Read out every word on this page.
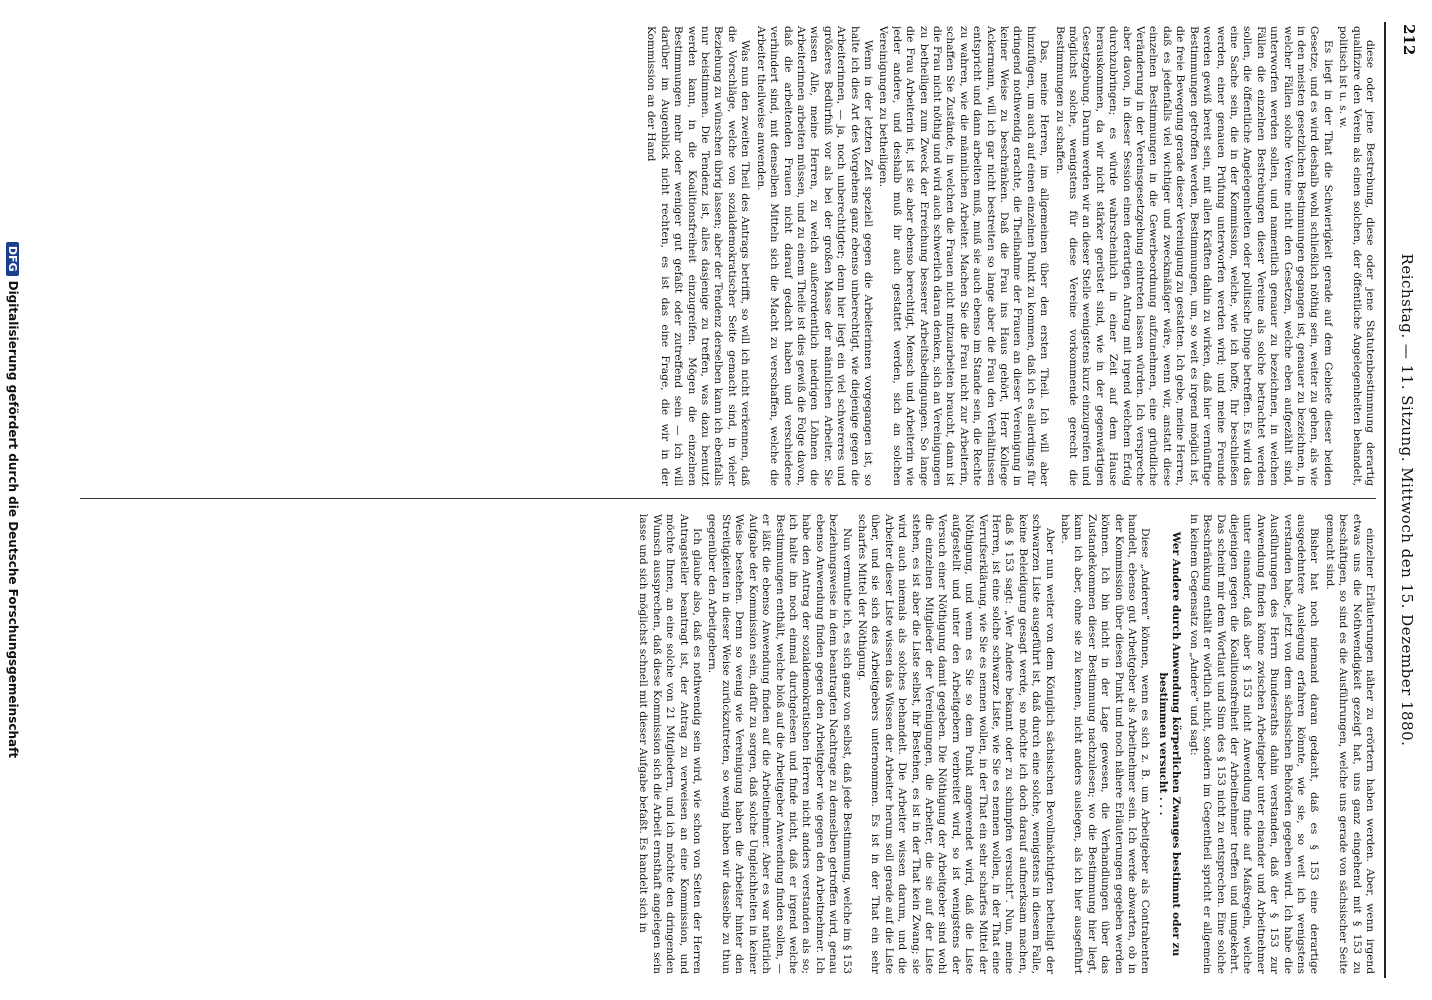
212
Reichstag. — 11. Sitzung. Mittwoch den 15. Dezember 1880.

diese oder jene Bestrebung, diese oder jene Statutenbestimmung derartig qualifizire den Verein als einen solchen, der öffentliche Angelegenheiten behandelt, politisch ist u. s. w.

Es liegt in der That die Schwierigkeit gerade auf dem Gebiete dieser beiden Gesetze, und es wird deshalb wohl schließlich nöthig sein, weiter zu gehen, als wie in den meisten gesetzlichen Bestimmungen gegangen ist, genauer zu bezeichnen, in welcher Fällen solche Vereine nicht den Gesetzen, welche eben aufgezählt sind, unterworfen werden sollen, und namentlich genauer zu bezeichnen, in welchen Fällen die einzelnen Bestrebungen dieser Vereine als solche betrachtet werden sollen, die öffentliche Angelegenheiten oder politische Dinge betreffen. Es wird das eine Sache sein, die in der Kommission, welche, wie ich hoffe, Ihr beschließen werden, einer genauen Prüfung unterworfen werden wird; und meine Freunde werden gewiß bereit sein, mit allen Kräften dahin zu wirken, daß hier vernünftige Bestimmungen getroffen werden, Bestimmungen, um, so weit es irgend möglich ist, die freie Bewegung gerade dieser Vereinigung zu gestatten. Ich gebe, meine Herren, daß es jedenfalls viel wichtiger und zweckmäßiger wäre, wenn wir, anstatt diese einzelnen Bestimmungen in die Gewerbeordnung aufzunehmen, eine gründliche Veränderung in der Vereinsgesetzgebung eintreten lassen würden. Ich verspreche aber davon, in dieser Session einen derartigen Antrag mit irgend welchem Erfolg durchzubringen; es würde wahrscheinlich in einer Zeit auf dem Hause herauskommen, da wir nicht stärker gerüstet sind, wie in der gegenwärtigen Gesetzgebung. Darum werden wir an dieser Stelle wenigstens kurz einzugreifen und möglichst solche, wenigstens für diese Vereine vorkommende gerecht die Bestimmungen zu schaffen.

Das, meine Herren, im allgemeinen über den ersten Theil. Ich will aber hinzufügen, um auch auf einen einzelnen Punkt zu kommen, daß ich es allerdings für dringend nothwendig erachte, die Theilnahme der Frauen an dieser Vereinigung in keiner Weise zu beschränken. Daß die Frau ins Haus gehört, Herr Kollege Ackermann, will ich gar nicht bestreiten so lange aber die Frau den Verhältnissen entspricht und dann arbeiten muß, muß sie auch ebenso im Stande sein, die Rechte zu wahren, wie die männlichen Arbeiter. Machen Sie die Frau nicht zur Arbeiterin, schaffen Sie Zustände, in welchen die Frauen nicht mitzuarbeiten braucht, dann ist die Frau nicht nöthig und wird auch schwerlich daran denken, sich an Vereinigungen zu betheiligen zum Zweck der Erreichung besserer Arbeitsbedingungen. So lange die Frau Arbeiterin ist, ist sie aber ebenso berechtigt, Mensch und Arbeiterin wie jeder andere, und deshalb muß ihr auch gestattet werden, sich an solchen Vereinigungen zu betheiligen.

Wenn in der letzten Zeit speziell gegen die Arbeiterinnen vorgegangen ist, so halte ich dies Art des Vorgehens ganz ebenso unberechtigt, wie diejenige gegen die Arbeiterinnen, — ja, noch unberechtigter; denn hier liegt ein viel schwereres und größeres Bedürfniß vor als bei der großen Masse der männlichen Arbeiter. Sie wissen Alle, meine Herren, zu welch außerordentlich niedrigen Löhnen die Arbeiterinnen arbeiten müssen, und zu einem Theile ist dies gewiß die Folge davon, daß die arbeitenden Frauen nicht darauf gedacht haben und verschiedene verhindert sind, mit denselben Mitteln sich die Macht zu verschaffen, welche die Arbeiter theilweise anwenden.

Was nun den zweiten Theil des Antrags betrifft, so will ich nicht verkennen, daß die Vorschläge, welche von sozialdemokratischer Seite gemacht sind, in vieler Beziehung zu wünschen übrig lassen; aber der Tendenz derselben kann ich ebenfalls nur beistimmen. Die Tendenz ist, alles dasjenige zu treffen, was dazu benutzt werden kann, in die Koalitionsfreiheit einzugreifen. Mögen die einzelnen Bestimmungen mehr oder weniger gut gefaßt oder zutreffend sein — ich will darüber im Augenblick nicht rechten, es ist das eine Frage, die wir in der Kommission an der Hand

einzelner Erläuterungen näher zu erörtern haben werden. Aber, wenn irgend etwas uns die Nothwendigkeit gezeigt hat, uns ganz eingehend mit § 153 zu beschäftigen, so sind es die Ausführungen, welche uns gerade von sächsischer Seite gemacht sind.

Bisher hat noch niemand daran gedacht, daß es § 153 eine derartige ausgedehntere Auslegung erfahren könnte, wie sie, so weit ich wenigstens verstanden habe, jetzt von dem sächsischen Behörden gegeben wird. Ich habe die Ausführungen des Herrn Bundesraths dahin verstanden, daß der § 153 zur Anwendung finden könne zwischen Arbeitgeber unter einander und Arbeitnehmer unter einander, daß aber § 153 nicht Anwendung finde auf Maßregeln, welche diejenigen gegen die Koalitionsfreiheit der Arbeitnehmer treffen und umgekehrt. Das scheint mir dem Wortlaut und Sinn des § 153 nicht zu entsprechen. Eine solche Beschränkung enthält er wörtlich nicht, sondern im Gegentheil spricht er allgemein in keinem Gegensatz von „Andere“ und sagt:

Wer Andere durch Anwendung körperlichen Zwanges bestimmt oder zu bestimmen versucht . . .

Diese „Anderen“ können, wenn es sich z. B. um Arbeitgeber als Contrahenten handelt, ebenso gut Arbeitgeber als Arbeitnehmer sein. Ich werde abwarten, ob in der Kommission über diesen Punkt und noch nähere Erläuterungen gegeben werden können. Ich bin nicht in der Lage gewesen, die Verhandlungen über das Zustandekommen dieser Bestimmung nachzulesen; wo die Bestimmung hier liegt, kann ich aber, ohne sie zu kennen, nicht anders auslegen, als ich hier ausgeführt habe.

Aber nun weiter von dem Königlich sächsischen Bevollmächtigten betheiligt der schwarzen Liste ausgeführt ist, daß durch eine solche, wenigstens in diesem Falle, keine Beleidigung gesagt werde, so möchte ich doch darauf aufmerksam machen, daß § 153 sagt: „Wer Andere bekannt oder zu schimpfen versucht“. Nun, meine Herren, ist eine solche schwarze Liste, wie Sie es nennen wollen, in der That eine Verrufserklärung, wie Sie es nennen wollen, in der That ein sehr scharfes Mittel der Nöthigung, und wenn es Sie so dem Punkt angewendet wird, daß die Liste aufgestellt und unter den Arbeitgebern verbreitet wird, so ist wenigstens der Versuch einer Nöthigung damit gegeben. Die Nöthigung der Arbeitgeber sind wohl die einzelnen Mitglieder der Vereinigungen, die Arbeiter, die sie auf der Liste stehen, es ist aber die Liste selbst, ihr Bestehen, es ist in der That kein Zwang; sie wird auch niemals als solches behandelt. Die Arbeiter wissen darum, und die Arbeiter dieser Liste wissen das Wissen der Arbeiter herum soll gerade auf die Liste über, und sie sich des Arbeitgebers unternommen. Es ist in der That ein sehr scharfes Mittel der Nöthigung.

Nun vermuthe ich, es sich ganz von selbst, daß jede Bestimmung, welche im § 153 beziehungsweise in dem beantragten Nachtrage zu demselben getroffen wird, genau ebenso Anwendung finden gegen den Arbeitgeber wie gegen den Arbeitnehmer. Ich habe den Antrag der sozialdemokratischen Herren nicht anders verstanden als so; ich halte ihn noch einmal durchgelesen und finde nicht, daß er irgend welche Bestimmungen enthält, welche bloß auf die Arbeitgeber Anwendung finden sollen, — er läßt die ebenso Anwendung finden auf die Arbeitnehmer. Aber es war natürlich Aufgabe der Kommission sein, dafür zu sorgen, daß solche Ungleichheiten in keiner Weise bestehen. Denn so wenig wie Vereinigung haben die Arbeiter hinter den Streitigkeiten in dieser Weise zurückzutreten, so wenig haben wir dasselbe zu thun gegenüber den Arbeitgebern.

Ich glaube also, daß es nothwendig sein wird, wie schon von Seiten der Herren Antragsteller beantragt ist, der Antrag zu verweisen an eine Kommission, und möchte Ihnen, an eine solche von 21 Mitgliedern, und ich möchte den dringenden Wunsch aussprechen, daß diese Kommission sich die Arbeit ernsthaft angelegen sein lasse und sich möglichst schnell mit dieser Aufgabe befaßt. Es handelt sich in

DFGDigitalisierung gefördert durch die Deutsche Forschungsgemeinschaft
